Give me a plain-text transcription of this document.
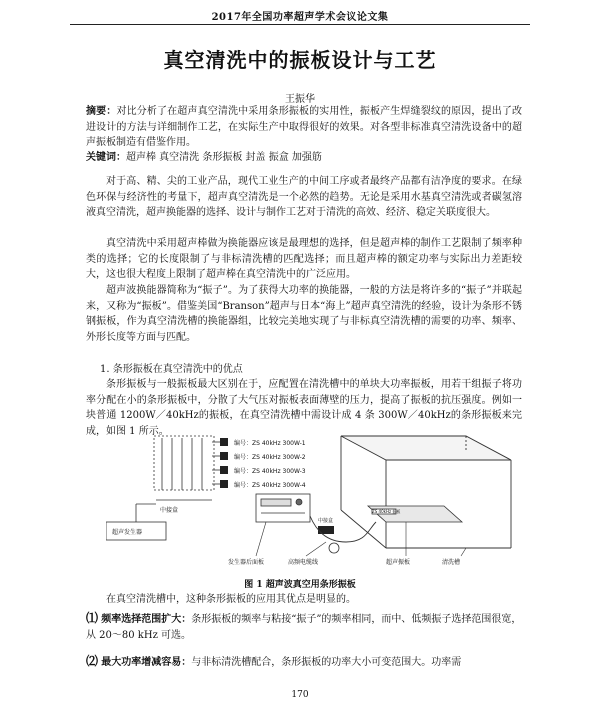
2017年全国功率超声学术会议论文集
真空清洗中的振板设计与工艺
王振华
摘要：对比分析了在超声真空清洗中采用条形振板的实用性，振板产生焊缝裂纹的原因，提出了改进设计的方法与详细制作工艺，在实际生产中取得很好的效果。对各型非标准真空清洗设备中的超声振板制造有借鉴作用。
关键词：超声棒 真空清洗 条形振板 封盖 振盒 加强筋
对于高、精、尖的工业产品，现代工业生产的中间工序或者最终产品都有洁净度的要求。在绿色环保与经济性的考量下，超声真空清洗是一个必然的趋势。无论是采用水基真空清洗或者碳氢溶液真空清洗，超声换能器的选择、设计与制作工艺对于清洗的高效、经济、稳定关联度很大。
真空清洗中采用超声棒做为换能器应该是最理想的选择，但是超声棒的制作工艺限制了频率种类的选择；它的长度限制了与非标清洗槽的匹配选择；而且超声棒的额定功率与实际出力差距较大，这也很大程度上限制了超声棒在真空清洗中的广泛应用。
超声波换能器简称为“振子”。为了获得大功率的换能器，一般的方法是将许多的“振子”并联起来，又称为“振板”。借鉴美国“Branson”超声与日本“海上”超声真空清洗的经验，设计为条形不锈钢振板，作为真空清洗槽的换能器组，比较完美地实现了与非标真空清洗槽的需要的功率、频率、外形长度等方面与匹配。
1. 条形振板在真空清洗中的优点
条形振板与一般振板最大区别在于，应配置在清洗槽中的单块大功率振板，用若干组振子将功率分配在小的条形振板中，分散了大气压对振板表面薄壁的压力，提高了振板的抗压强度。例如一块普通 1200W／40kHz的振板，在真空清洗槽中需设计成 4 条 300W／40kHz的条形振板来完成，如图 1 所示。
编号：ZS 40kHz 300W-1
编号：ZS 40kHz 300W-2
编号：ZS 40kHz 300W-3
编号：ZS 40kHz 300W-4
中接盒
超声发生器
ZS 40kHz 振板
中接盒
发生器后面板	高频电缆线	超声振板	清洗槽
图 1 超声波真空用条形振板
在真空清洗槽中，这种条形振板的应用其优点是明显的。
⑴ 频率选择范围扩大：条形振板的频率与粘接“振子”的频率相同，而中、低频振子选择范围很宽，从 20～80 kHz 可选。
⑵ 最大功率增减容易：与非标清洗槽配合，条形振板的功率大小可变范围大。功率需
170
